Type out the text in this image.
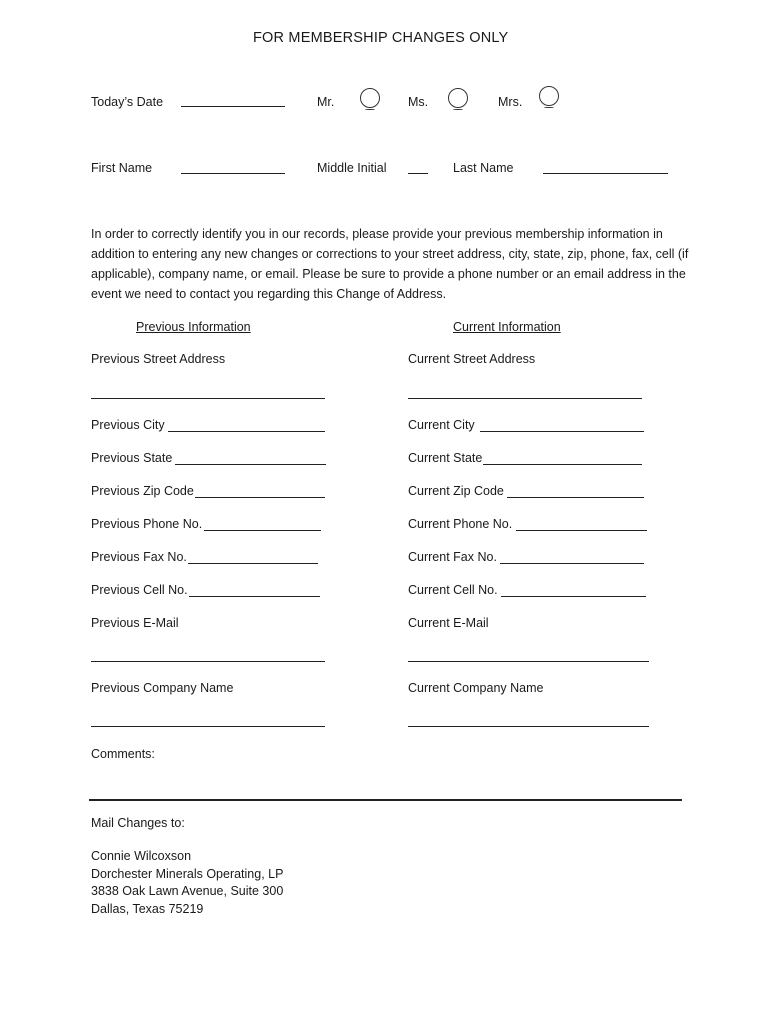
FOR MEMBERSHIP CHANGES ONLY
Today’s Date	Mr.	Ms.	Mrs.
First Name	Middle Initial	Last Name
In order to correctly identify you in our records, please provide your previous membership information in addition to entering any new changes or corrections to your street address, city, state, zip, phone, fax, cell (if applicable), company name, or email. Please be sure to provide a phone number or an email address in the event we need to contact you regarding this Change of Address.
Previous Information	Current Information
Previous Street Address	Current Street Address
Previous City	Current City
Previous State	Current State
Previous Zip Code	Current Zip Code
Previous Phone No.	Current Phone No.
Previous Fax No.	Current Fax No.
Previous Cell No.	Current Cell No.
Previous E-Mail	Current E-Mail
Previous Company Name	Current Company Name
Comments:
Mail Changes to:
Connie Wilcoxson
Dorchester Minerals Operating, LP
3838 Oak Lawn Avenue, Suite 300
Dallas, Texas 75219
